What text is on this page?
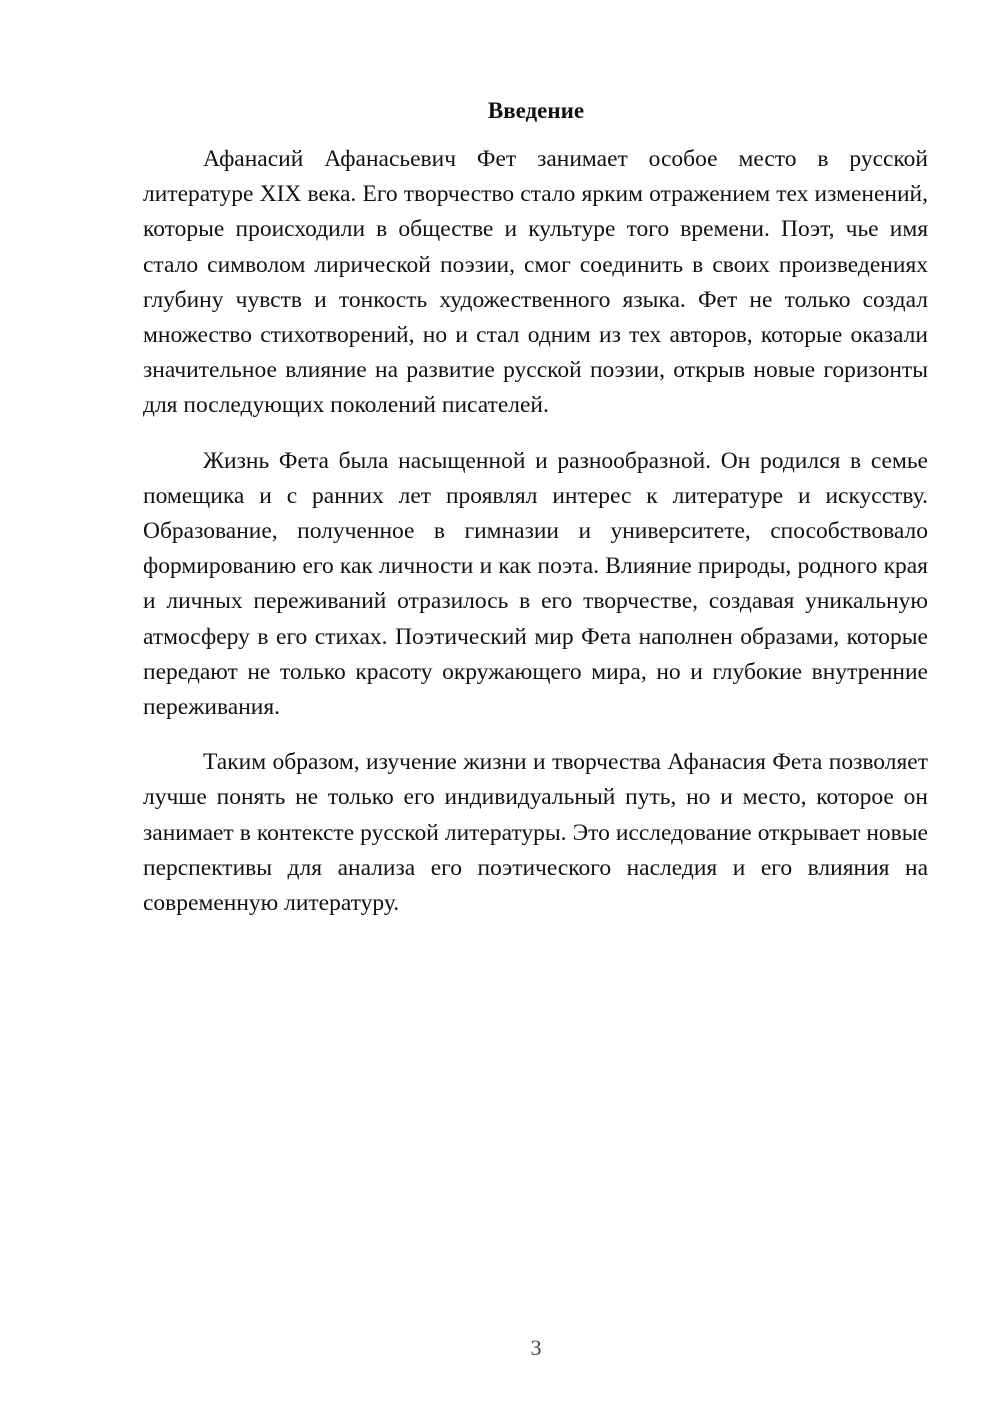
Введение

Афанасий Афанасьевич Фет занимает особое место в русской литературе XIX века. Его творчество стало ярким отражением тех изменений, которые происходили в обществе и культуре того времени. Поэт, чье имя стало символом лирической поэзии, смог соединить в своих произведениях глубину чувств и тонкость художественного языка. Фет не только создал множество стихотворений, но и стал одним из тех авторов, которые оказали значительное влияние на развитие русской поэзии, открыв новые горизонты для последующих поколений писателей.

Жизнь Фета была насыщенной и разнообразной. Он родился в семье помещика и с ранних лет проявлял интерес к литературе и искусству. Образование, полученное в гимназии и университете, способствовало формированию его как личности и как поэта. Влияние природы, родного края и личных переживаний отразилось в его творчестве, создавая уникальную атмосферу в его стихах. Поэтический мир Фета наполнен образами, которые передают не только красоту окружающего мира, но и глубокие внутренние переживания.

Таким образом, изучение жизни и творчества Афанасия Фета позволяет лучше понять не только его индивидуальный путь, но и место, которое он занимает в контексте русской литературы. Это исследование открывает новые перспективы для анализа его поэтического наследия и его влияния на современную литературу.

3
